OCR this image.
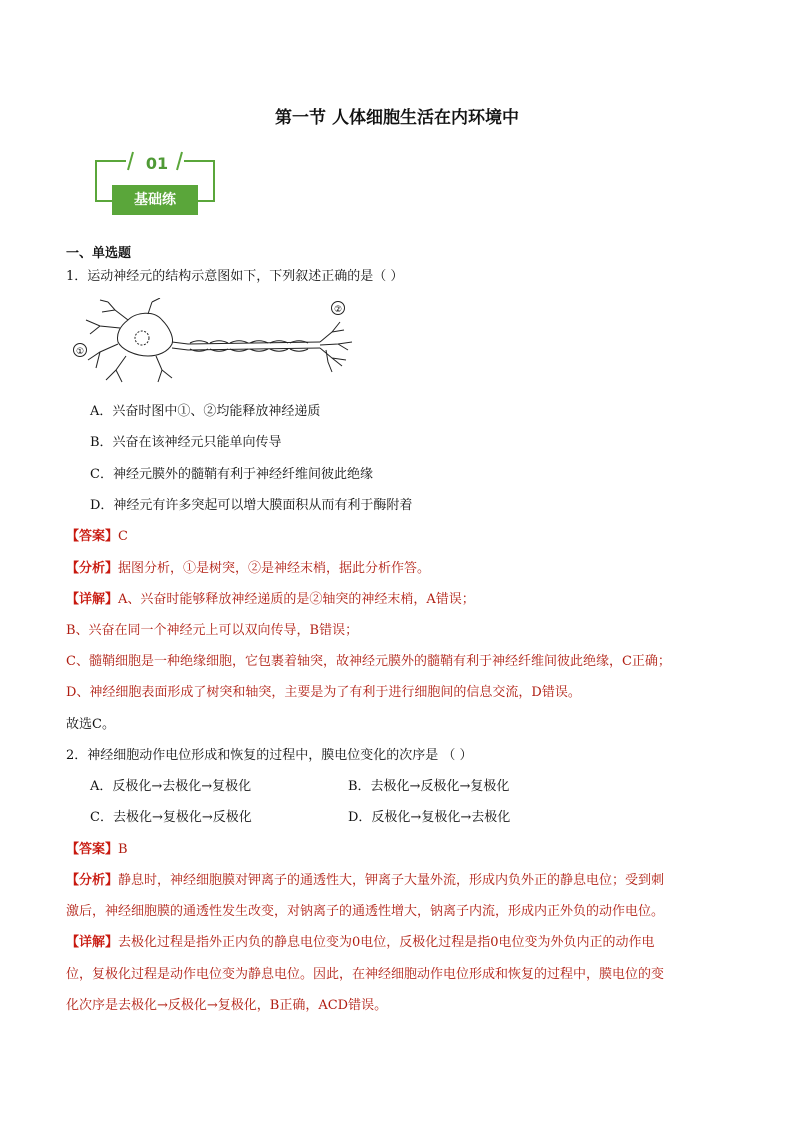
第一节 人体细胞生活在内环境中
01
基础练
一、单选题
1．运动神经元的结构示意图如下，下列叙述正确的是（ ）
①
②
A．兴奋时图中①、②均能释放神经递质
B．兴奋在该神经元只能单向传导
C．神经元膜外的髓鞘有利于神经纤维间彼此绝缘
D．神经元有许多突起可以增大膜面积从而有利于酶附着
【答案】C
【分析】据图分析，①是树突，②是神经末梢，据此分析作答。
【详解】A、兴奋时能够释放神经递质的是②轴突的神经末梢，A错误；
B、兴奋在同一个神经元上可以双向传导，B错误；
C、髓鞘细胞是一种绝缘细胞，它包裹着轴突，故神经元膜外的髓鞘有利于神经纤维间彼此绝缘，C正确；
D、神经细胞表面形成了树突和轴突，主要是为了有利于进行细胞间的信息交流，D错误。
故选C。
2．神经细胞动作电位形成和恢复的过程中，膜电位变化的次序是 （ ）
A．反极化→去极化→复极化	B．去极化→反极化→复极化
C．去极化→复极化→反极化	D．反极化→复极化→去极化
【答案】B
【分析】静息时，神经细胞膜对钾离子的通透性大，钾离子大量外流，形成内负外正的静息电位；受到刺
激后，神经细胞膜的通透性发生改变，对钠离子的通透性增大，钠离子内流，形成内正外负的动作电位。
【详解】去极化过程是指外正内负的静息电位变为0电位，反极化过程是指0电位变为外负内正的动作电
位，复极化过程是动作电位变为静息电位。因此，在神经细胞动作电位形成和恢复的过程中，膜电位的变
化次序是去极化→反极化→复极化，B正确，ACD错误。
